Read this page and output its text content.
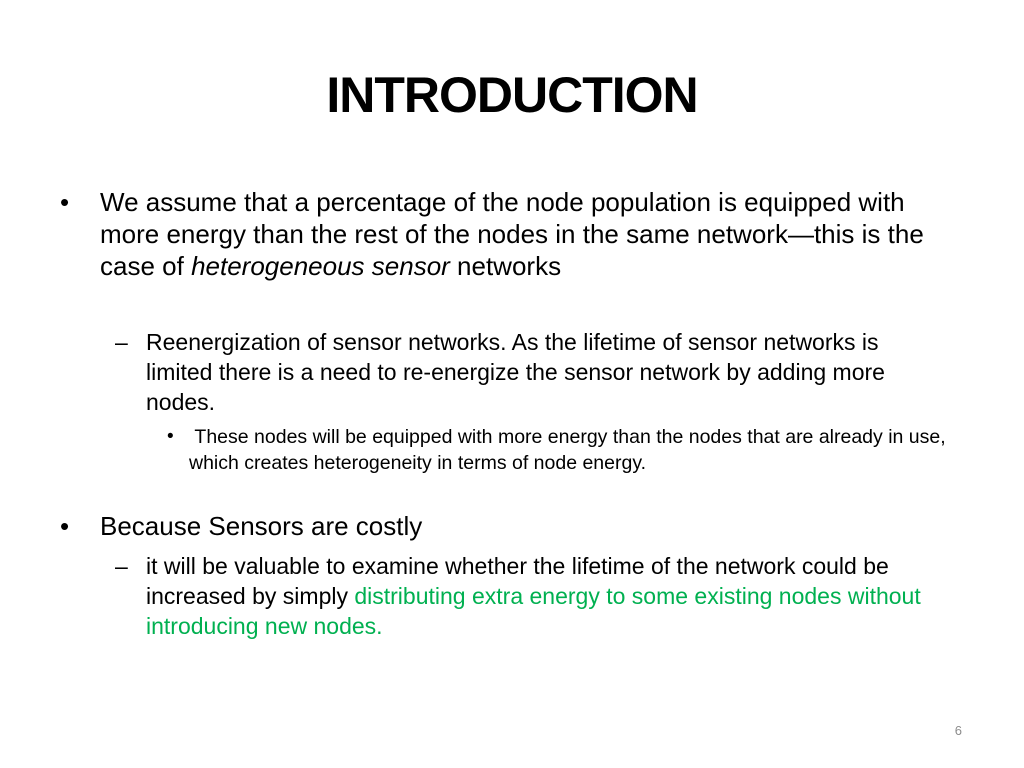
INTRODUCTION
• We assume that a percentage of the node population is equipped with more energy than the rest of the nodes in the same network—this is the case of heterogeneous sensor networks
– Reenergization of sensor networks. As the lifetime of sensor networks is limited there is a need to re-energize the sensor network by adding more nodes.
• These nodes will be equipped with more energy than the nodes that are already in use, which creates heterogeneity in terms of node energy.
• Because Sensors are costly
– it will be valuable to examine whether the lifetime of the network could be increased by simply distributing extra energy to some existing nodes without introducing new nodes.
6
